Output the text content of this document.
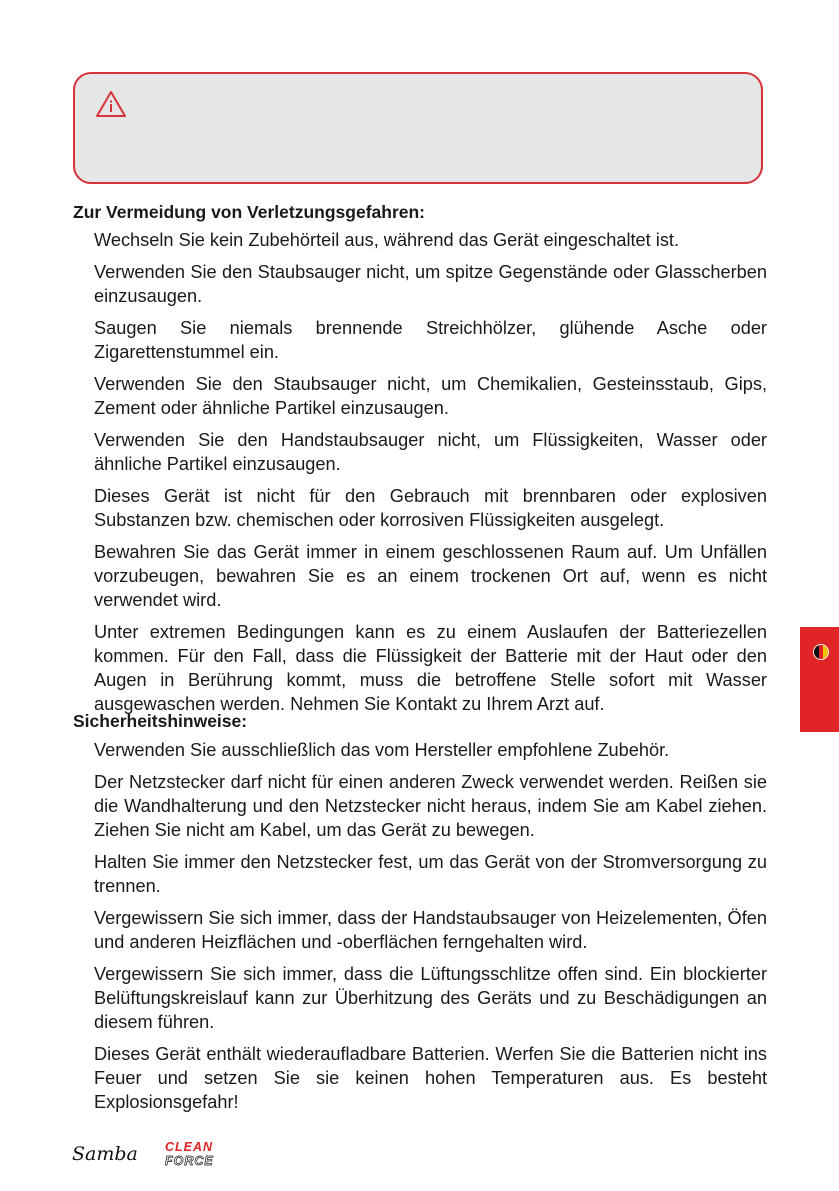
Zur Vermeidung von Verletzungsgefahren:

Wechseln Sie kein Zubehörteil aus, während das Gerät eingeschaltet ist.

Verwenden Sie den Staubsauger nicht, um spitze Gegenstände oder Glasscherben einzusaugen.

Saugen Sie niemals brennende Streichhölzer, glühende Asche oder Zigarettenstummel ein.

Verwenden Sie den Staubsauger nicht, um Chemikalien, Gesteinsstaub, Gips, Zement oder ähnliche Partikel einzusaugen.

Verwenden Sie den Handstaubsauger nicht, um Flüssigkeiten, Wasser oder ähnliche Partikel einzusaugen.

Dieses Gerät ist nicht für den Gebrauch mit brennbaren oder explosiven Substanzen bzw. chemischen oder korrosiven Flüssigkeiten ausgelegt.

Bewahren Sie das Gerät immer in einem geschlossenen Raum auf. Um Unfällen vorzubeugen, bewahren Sie es an einem trockenen Ort auf, wenn es nicht verwendet wird.

Unter extremen Bedingungen kann es zu einem Auslaufen der Batteriezellen kommen. Für den Fall, dass die Flüssigkeit der Batterie mit der Haut oder den Augen in Berührung kommt, muss die betroffene Stelle sofort mit Wasser ausgewaschen werden. Nehmen Sie Kontakt zu Ihrem Arzt auf.

Sicherheitshinweise:

Verwenden Sie ausschließlich das vom Hersteller empfohlene Zubehör.

Der Netzstecker darf nicht für einen anderen Zweck verwendet werden. Reißen sie die Wandhalterung und den Netzstecker nicht heraus, indem Sie am Kabel ziehen. Ziehen Sie nicht am Kabel, um das Gerät zu bewegen.

Halten Sie immer den Netzstecker fest, um das Gerät von der Stromversorgung zu trennen.

Vergewissern Sie sich immer, dass der Handstaubsauger von Heizelementen, Öfen und anderen Heizflächen und -oberflächen ferngehalten wird.

Vergewissern Sie sich immer, dass die Lüftungsschlitze offen sind. Ein blockierter Belüftungskreislauf kann zur Überhitzung des Geräts und zu Beschädigungen an diesem führen.

Dieses Gerät enthält wiederaufladbare Batterien. Werfen Sie die Batterien nicht ins Feuer und setzen Sie sie keinen hohen Temperaturen aus. Es besteht Explosionsgefahr!

Samba CLEAN
FORCE
